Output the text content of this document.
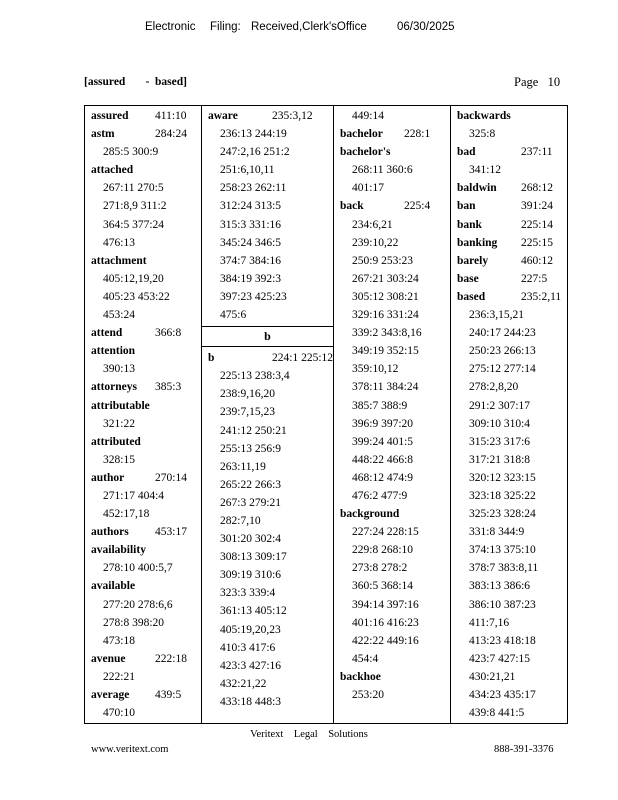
Electronic Filing: Received,Clerk'sOffice	06/30/2025
[assured       -  based]	Page   10
assured 411:10
astm	284:24
285:5 300:9
attached
267:11 270:5
271:8,9 311:2
364:5 377:24
476:13
attachment
405:12,19,20
405:23 453:22
453:24
attend	366:8
attention
390:13
attorneys 385:3
attributable
321:22
attributed
328:15
author	270:14
271:17 404:4
452:17,18
authors 453:17
availability
278:10 400:5,7
available
277:20 278:6,6
278:8 398:20
473:18
avenue	222:18
222:21
average 439:5
470:10
aware	235:3,12
236:13 244:19
247:2,16 251:2
251:6,10,11
258:23 262:11
312:24 313:5
315:3 331:16
345:24 346:5
374:7 384:16
384:19 392:3
397:23 425:23
475:6
b
b	224:1 225:12
225:13 238:3,4
238:9,16,20
239:7,15,23
241:12 250:21
255:13 256:9
263:11,19
265:22 266:3
267:3 279:21
282:7,10
301:20 302:4
308:13 309:17
309:19 310:6
323:3 339:4
361:13 405:12
405:19,20,23
410:3 417:6
423:3 427:16
432:21,22
433:18 448:3
449:14
bachelor 228:1
bachelor's
268:11 360:6
401:17
back	225:4
234:6,21
239:10,22
250:9 253:23
267:21 303:24
305:12 308:21
329:16 331:24
339:2 343:8,16
349:19 352:15
359:10,12
378:11 384:24
385:7 388:9
396:9 397:20
399:24 401:5
448:22 466:8
468:12 474:9
476:2 477:9
background
227:24 228:15
229:8 268:10
273:8 278:2
360:5 368:14
394:14 397:16
401:16 416:23
422:22 449:16
454:4
backhoe
253:20
backwards
325:8
bad	237:11
341:12
baldwin 268:12
ban	391:24
bank	225:14
banking 225:15
barely	460:12
base	227:5
based	235:2,11
236:3,15,21
240:17 244:23
250:23 266:13
275:12 277:14
278:2,8,20
291:2 307:17
309:10 310:4
315:23 317:6
317:21 318:8
320:12 323:15
323:18 325:22
325:23 328:24
331:8 344:9
374:13 375:10
378:7 383:8,11
383:13 386:6
386:10 387:23
411:7,16
413:23 418:18
423:7 427:15
430:21,21
434:23 435:17
439:8 441:5
Veritext    Legal    Solutions
www.veritext.com	888-391-3376
